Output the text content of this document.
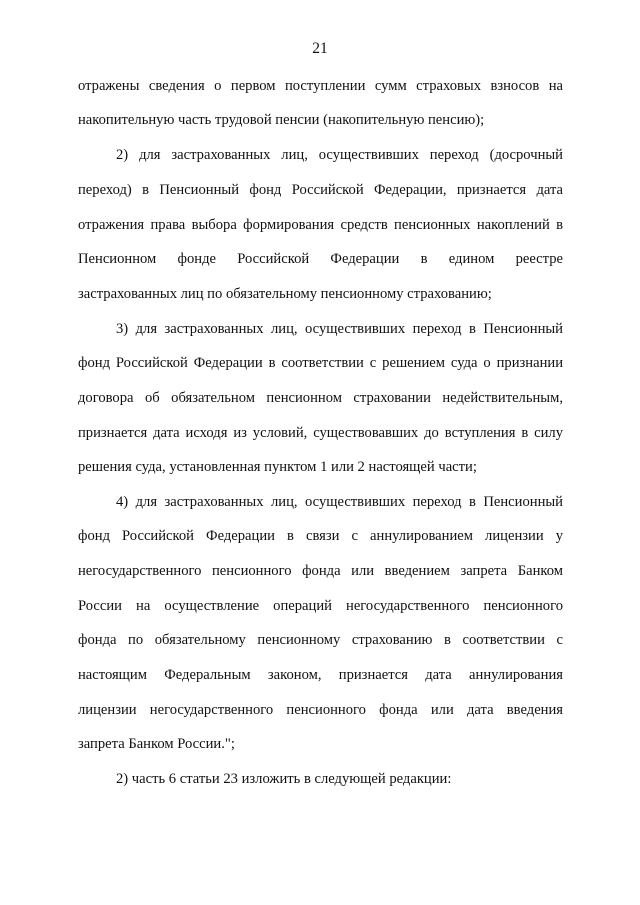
21
отражены сведения о первом поступлении сумм страховых взносов на
накопительную часть трудовой пенсии (накопительную пенсию);
2) для застрахованных лиц, осуществивших переход (досрочный
переход) в Пенсионный фонд Российской Федерации, признается дата
отражения права выбора формирования средств пенсионных накоплений в
Пенсионном фонде Российской Федерации в едином реестре
застрахованных лиц по обязательному пенсионному страхованию;
3) для застрахованных лиц, осуществивших переход в Пенсионный
фонд Российской Федерации в соответствии с решением суда о признании
договора об обязательном пенсионном страховании недействительным,
признается дата исходя из условий, существовавших до вступления в силу
решения суда, установленная пунктом 1 или 2 настоящей части;
4) для застрахованных лиц, осуществивших переход в Пенсионный
фонд Российской Федерации в связи с аннулированием лицензии у
негосударственного пенсионного фонда или введением запрета Банком
России на осуществление операций негосударственного пенсионного
фонда по обязательному пенсионному страхованию в соответствии с
настоящим Федеральным законом, признается дата аннулирования
лицензии негосударственного пенсионного фонда или дата введения
запрета Банком России.";
2) часть 6 статьи 23 изложить в следующей редакции:
